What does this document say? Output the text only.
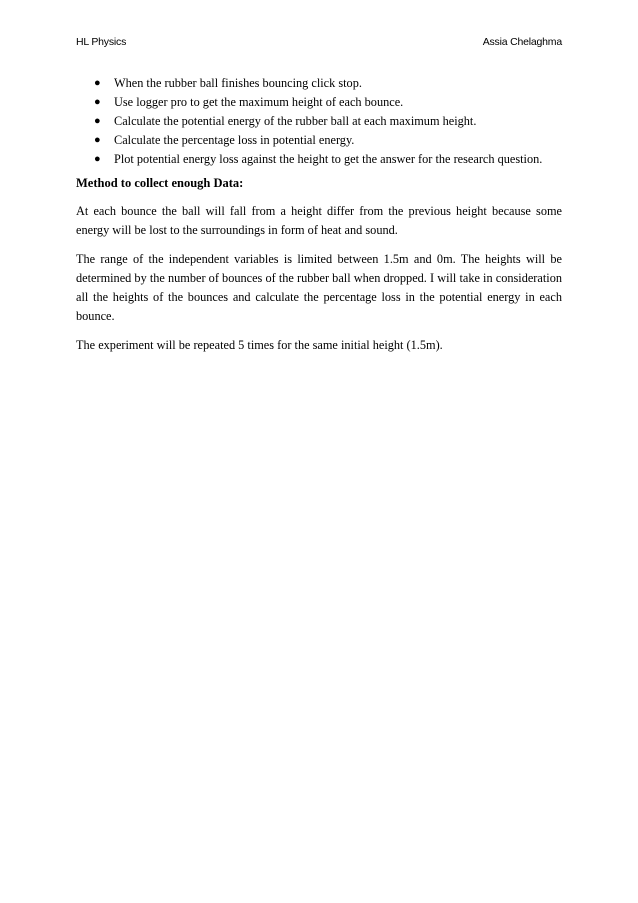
HL Physics	Assia Chelaghma
● When the rubber ball finishes bouncing click stop.
● Use logger pro to get the maximum height of each bounce.
● Calculate the potential energy of the rubber ball at each maximum height.
● Calculate the percentage loss in potential energy.
● Plot potential energy loss against the height to get the answer for the research question.
Method to collect enough Data:

At each bounce the ball will fall from a height differ from the previous height because some energy will be lost to the surroundings in form of heat and sound.

The range of the independent variables is limited between 1.5m and 0m. The heights will be determined by the number of bounces of the rubber ball when dropped. I will take in consideration all the heights of the bounces and calculate the percentage loss in the potential energy in each bounce.

The experiment will be repeated 5 times for the same initial height (1.5m).
